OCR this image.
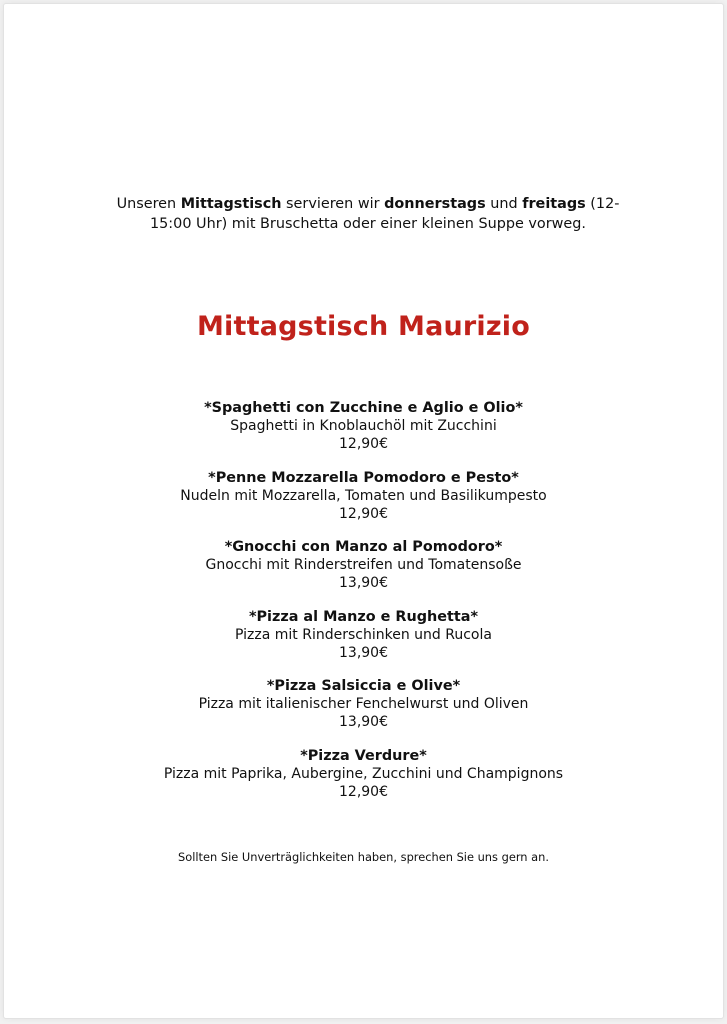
Unseren Mittagstisch servieren wir donnerstags und freitags (12-
15:00 Uhr) mit Bruschetta oder einer kleinen Suppe vorweg.
Mittagstisch Maurizio
*Spaghetti con Zucchine e Aglio e Olio*
Spaghetti in Knoblauchöl mit Zucchini
12,90€
*Penne Mozzarella Pomodoro e Pesto*
Nudeln mit Mozzarella, Tomaten und Basilikumpesto
12,90€
*Gnocchi con Manzo al Pomodoro*
Gnocchi mit Rinderstreifen und Tomatensoße
13,90€
*Pizza al Manzo e Rughetta*
Pizza mit Rinderschinken und Rucola
13,90€
*Pizza Salsiccia e Olive*
Pizza mit italienischer Fenchelwurst und Oliven
13,90€
*Pizza Verdure*
Pizza mit Paprika, Aubergine, Zucchini und Champignons
12,90€
Sollten Sie Unverträglichkeiten haben, sprechen Sie uns gern an.
